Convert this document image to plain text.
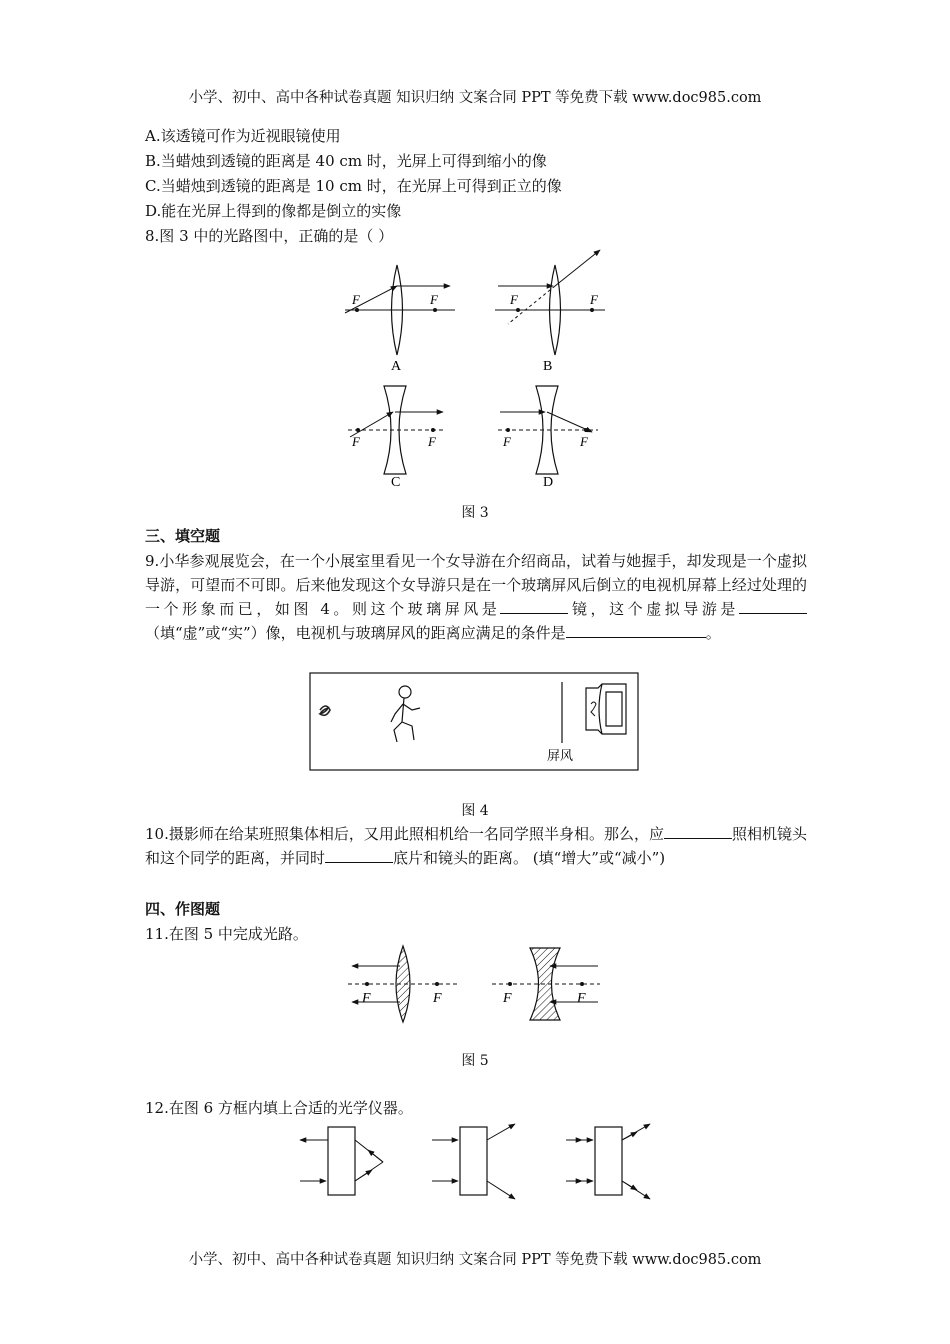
小学、初中、高中各种试卷真题 知识归纳 文案合同 PPT 等免费下载 www.doc985.com
A.该透镜可作为近视眼镜使用
B.当蜡烛到透镜的距离是 40 cm 时，光屏上可得到缩小的像
C.当蜡烛到透镜的距离是 10 cm 时，在光屏上可得到正立的像
D.能在光屏上得到的像都是倒立的实像
8.图 3 中的光路图中，正确的是（ ）
F	F
A
F	F
B
F	F
C
F	F
D
图 3
三、填空题
9.小华参观展览会，在一个小展室里看见一个女导游在介绍商品，试着与她握手，却发现是一个虚拟导游，可望而不可即。后来他发现这个女导游只是在一个玻璃屏风后倒立的电视机屏幕上经过处理的一个形象而已，如图 4。则这个玻璃屏风是	镜，这个虚拟导游是（填“虚”或“实”）像，电视机与玻璃屏风的距离应满足的条件是	。
屏风
图 4
10.摄影师在给某班照集体相后，又用此照相机给一名同学照半身相。那么，应	照相机镜头和这个同学的距离，并同时	底片和镜头的距离。 (填“增大”或“减小”)
四、作图题
11.在图 5 中完成光路。
F	F	F	F
图 5
12.在图 6 方框内填上合适的光学仪器。
小学、初中、高中各种试卷真题 知识归纳 文案合同 PPT 等免费下载 www.doc985.com
